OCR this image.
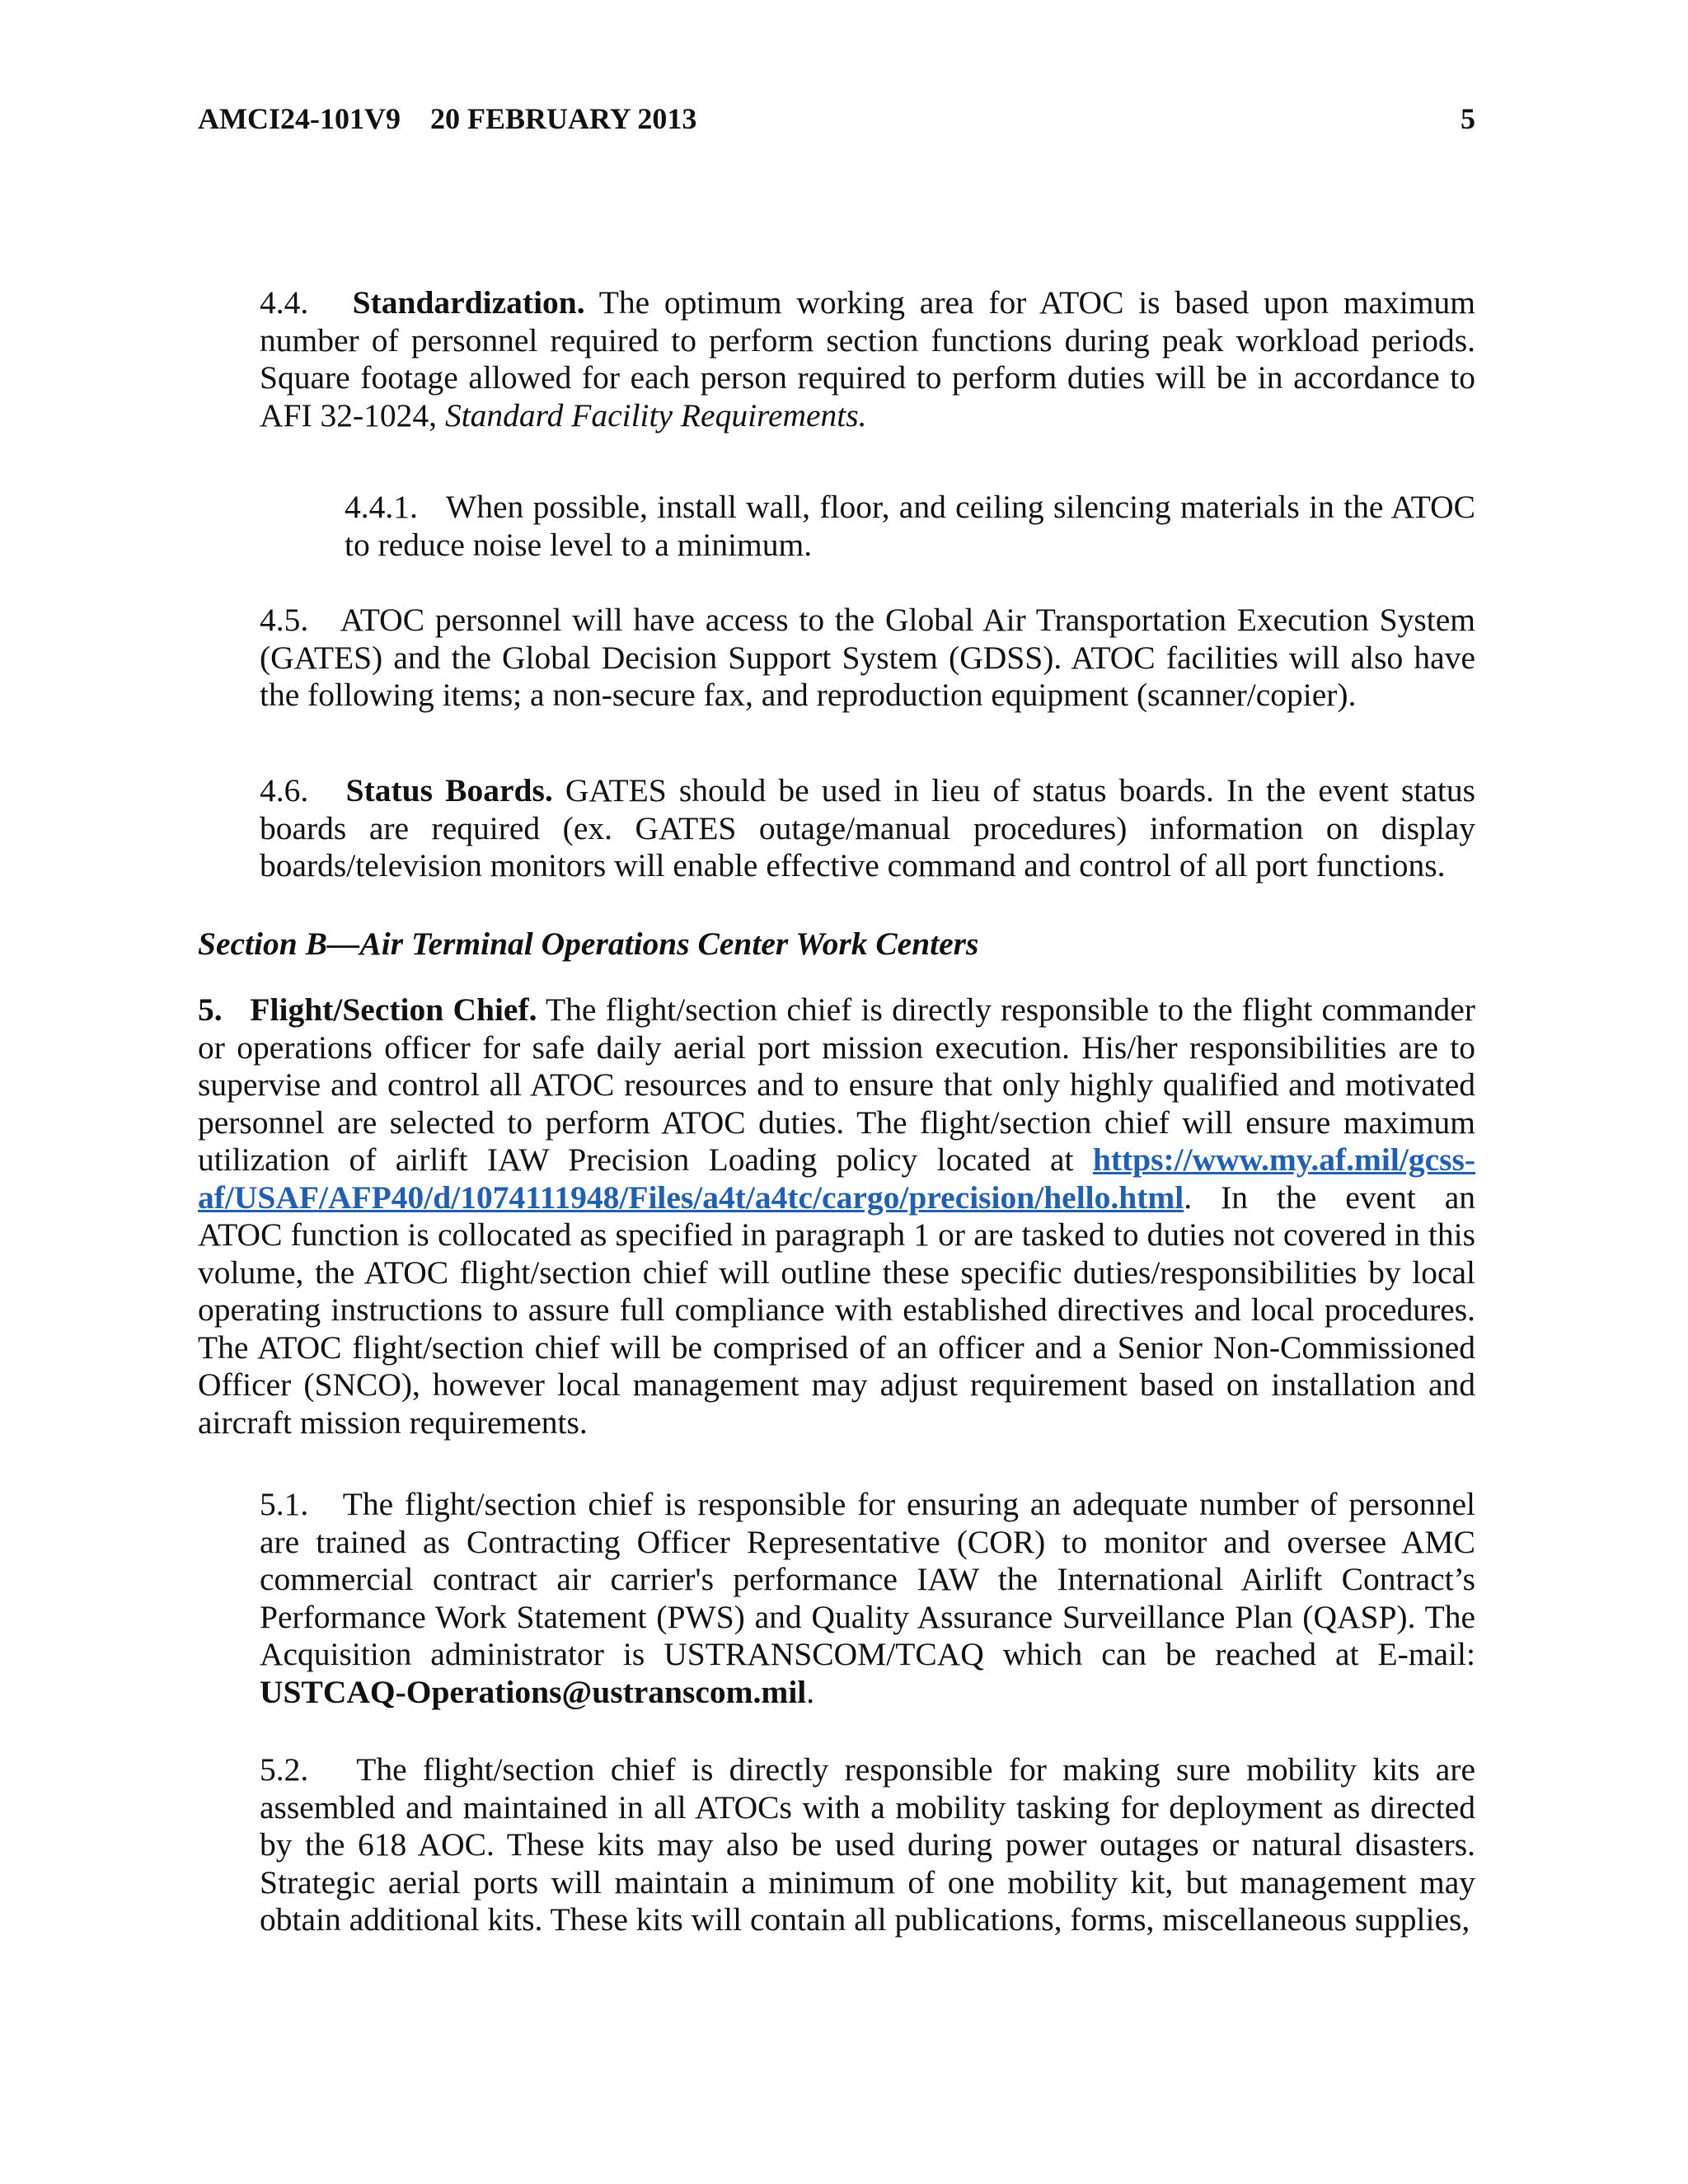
AMCI24-101V9 20 FEBRUARY 2013	5

4.4. Standardization. The optimum working area for ATOC is based upon maximum number of personnel required to perform section functions during peak workload periods. Square footage allowed for each person required to perform duties will be in accordance to AFI 32-1024, Standard Facility Requirements.

4.4.1. When possible, install wall, floor, and ceiling silencing materials in the ATOC to reduce noise level to a minimum.

4.5. ATOC personnel will have access to the Global Air Transportation Execution System (GATES) and the Global Decision Support System (GDSS). ATOC facilities will also have the following items; a non-secure fax, and reproduction equipment (scanner/copier).

4.6. Status Boards. GATES should be used in lieu of status boards. In the event status boards are required (ex. GATES outage/manual procedures) information on display boards/television monitors will enable effective command and control of all port functions.

Section B—Air Terminal Operations Center Work Centers

5. Flight/Section Chief. The flight/section chief is directly responsible to the flight commander or operations officer for safe daily aerial port mission execution. His/her responsibilities are to supervise and control all ATOC resources and to ensure that only highly qualified and motivated personnel are selected to perform ATOC duties. The flight/section chief will ensure maximum utilization of airlift IAW Precision Loading policy located at https://www.my.af.mil/gcss-af/USAF/AFP40/d/1074111948/Files/a4t/a4tc/cargo/precision/hello.html. In the event an ATOC function is collocated as specified in paragraph 1 or are tasked to duties not covered in this volume, the ATOC flight/section chief will outline these specific duties/responsibilities by local operating instructions to assure full compliance with established directives and local procedures. The ATOC flight/section chief will be comprised of an officer and a Senior Non-Commissioned Officer (SNCO), however local management may adjust requirement based on installation and aircraft mission requirements.

5.1. The flight/section chief is responsible for ensuring an adequate number of personnel are trained as Contracting Officer Representative (COR) to monitor and oversee AMC commercial contract air carrier's performance IAW the International Airlift Contract’s Performance Work Statement (PWS) and Quality Assurance Surveillance Plan (QASP). The Acquisition administrator is USTRANSCOM/TCAQ which can be reached at E-mail: USTCAQ-Operations@ustranscom.mil.

5.2. The flight/section chief is directly responsible for making sure mobility kits are assembled and maintained in all ATOCs with a mobility tasking for deployment as directed by the 618 AOC. These kits may also be used during power outages or natural disasters. Strategic aerial ports will maintain a minimum of one mobility kit, but management may obtain additional kits. These kits will contain all publications, forms, miscellaneous supplies,
